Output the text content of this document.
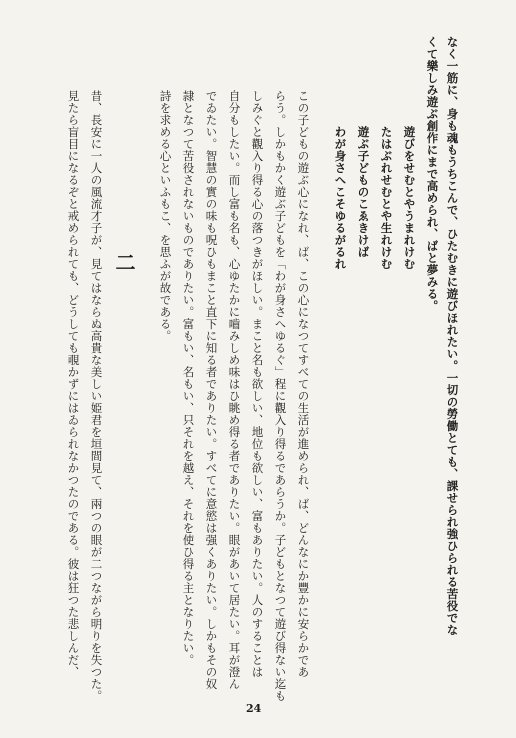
なく一筋に、身も魂もうちこんで、ひたむきに遊びほれたい。一切の勞働とても、課せられ強ひられる苦役でな
くて樂しみ遊ぶ創作にまで高められ、ばと夢みる。
遊びをせむとやうまれけむ
たはぶれせむとや生れけむ
遊ぶ子どものこゑきけば
わが身さへこそゆるがるれ
この子どもの遊ぶ心になれ、ば、この心になつてすべての生活が進められ、ば、どんなにか豐かに安らかであ
らう。しかもかく遊ぶ子どもを「わが身さへゆるぐ」程に觀入り得るであらうか。子どもとなつて遊び得ない迄も
しみぐと觀入り得る心の落つきがほしい。まこと名も欲しい、地位も欲しい、富もありたい。人のすることは
自分もしたい。而し富も名も、心ゆたかに嚙みしめ味はひ眺め得る者でありたい。眼があいて居たい。耳が澄ん
でゐたい。智慧の實の味も呪ひもまこと直下に知る者でありたい。すべてに意慾は强くありたい。しかもその奴
隷となつて苦役されないものでありたい。富もい、名もい、只それを越え、それを使ひ得る主となりたい。
詩を求める心といふもこ、を思ふが故である。
二
昔、長安に一人の風流才子が、見てはならぬ高貴な美しい姫君を垣間見て、兩つの眼が二つながら明りを失つた。
見たら盲目になるぞと戒められても、どうしても覗かずにはゐられなかつたのである。彼は狂つた悲しんだ、
24
